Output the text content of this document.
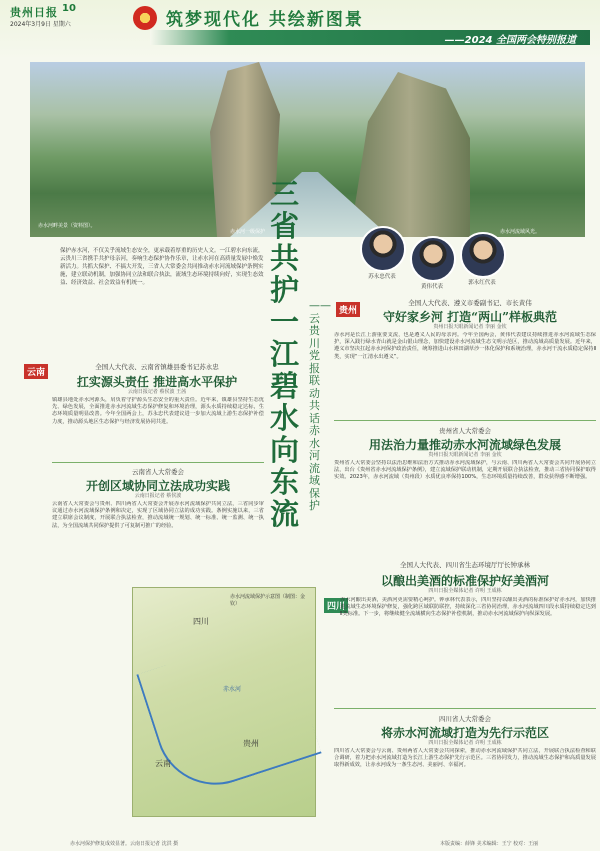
贵州日报 10
2024年3月9日 星期六	筑梦现代化 共绘新图景
——2024 全国两会特别报道
赤水河畔美景（资料图）。
赤水河一级保护	赤水河流域风光。
保护赤水河，不仅关乎流域生态安全，更承载着厚重的历史人文。一江碧水向东流，云贵川三省携手共护母亲河，奏响生态保护协作乐章，让赤水河在高质量发展中焕发新活力。共抓大保护、不搞大开发，三省人大常委会共同推动赤水河流域保护条例实施，建立联动机制，加强协同立法和联合执法，流域生态环境持续向好，实现生态效益、经济效益、社会效益有机统一。
三省共护一江碧水向东流
——云贵川党报联动共话赤水河流域保护
苏永忠代表
黄伟代表
郭永红代表
贵州
全国人大代表、遵义市委副书记、市长黄伟
守好家乡河 打造“两山”样板典范
贵州日报天眼新闻记者 李丽 金钦
赤水河是长江上游重要支流，也是遵义人民的母亲河。今年全国两会，黄伟代表建议持续推进赤水河流域生态保护，深入践行绿水青山就是金山银山理念，加快建设赤水河流域生态文明示范区，推动流域高质量发展。近年来，遵义市坚决扛起赤水河保护政治责任，统筹推进山水林田湖草沙一体化保护和系统治理，赤水河干流水质稳定保持Ⅱ类，实现“一江清水出遵义”。
贵州省人大常委会
用法治力量推动赤水河流域绿色发展
贵州日报天眼新闻记者 李丽 金钦
贵州省人大常委会坚持以法治思维和法治方式推动赤水河流域保护，与云南、四川两省人大常委会共同开展协同立法，出台《贵州省赤水河流域保护条例》，建立流域保护联动机制，定期开展联合执法检查，推动三省协同保护取得实效。2023年，赤水河流域（贵州段）水质优良率保持100%，生态环境质量持续改善，群众获得感不断增强。
云南
全国人大代表、云南省镇雄县委书记苏永忠
扛实源头责任 推进高水平保护
云南日报记者 蔡侯波 王茜
镇雄县地处赤水河源头，肩负着守护源头生态安全的重大责任。近年来，镇雄县坚持生态优先、绿色发展，全面推进赤水河流域生态保护修复和环境治理，源头水质持续稳定达标，生态环境质量明显改善。今年全国两会上，苏永忠代表建议进一步加大流域上游生态保护补偿力度，推动源头地区生态保护与经济发展协同共进。
云南省人大常委会
开创区域协同立法成功实践
云南日报记者 蔡侯波
云南省人大常委会与贵州、四川两省人大常委会开展赤水河流域保护共同立法，三省同步审议通过赤水河流域保护条例和决定，实现了区域协同立法的成功实践。条例实施以来，三省建立联席会议制度，开展联合执法检查，推动流域统一规划、统一标准、统一监测、统一执法，为全国流域共同保护提供了可复制可推广的经验。
四川
贵州
云南
赤水河
赤水河流域保护示意图（制图：金钦）	四川
全国人大代表、四川省生态环境厅厅长钟承林
以酿出美酒的标准保护好美酒河
四川日报全媒体记者 许明 王成栋
赤水河酿出美酒，美酒河更需要精心呵护。钟承林代表表示，四川坚持以酿出美酒的标准保护好赤水河，加快推进流域生态环境保护修复，强化跨区域联防联控，持续深化三省协同治理，赤水河流域四川段水质持续稳定达到Ⅱ类标准。下一步，将继续健全流域横向生态保护补偿机制，推动赤水河流域保护向纵深发展。
四川省人大常委会
将赤水河流域打造为先行示范区
四川日报全媒体记者 许明 王成栋
四川省人大常委会与云南、贵州两省人大常委会共同探索，推动赤水河流域保护共同立法，开展联合执法检查和联合调研，着力把赤水河流域打造为长江上游生态保护先行示范区。三省协同发力，推动流域生态保护和高质量发展取得新成效，让赤水河成为一条生态河、美丽河、幸福河。
赤水河保护修复成效显著。云南日报记者 沈洪 摄	本版责编：薛锋 美术编辑：王宁 校对：王丽
